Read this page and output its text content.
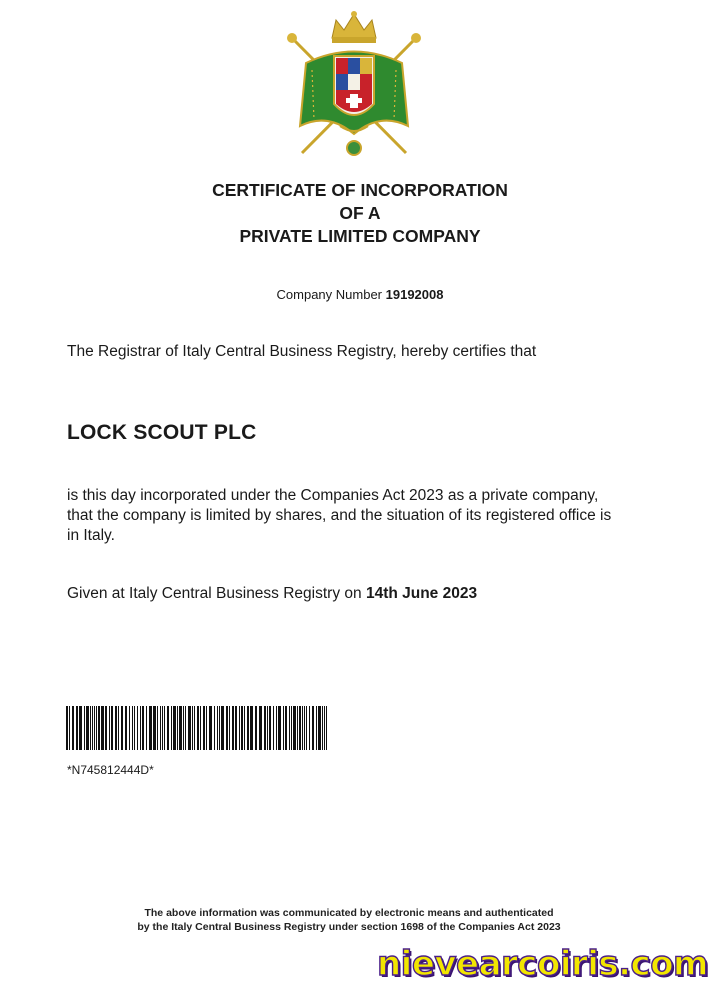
CERTIFICATE OF INCORPORATION
OF A
PRIVATE LIMITED COMPANY
Company Number 19192008
The Registrar of Italy Central Business Registry, hereby certifies that
LOCK SCOUT PLC
is this day incorporated under the Companies Act 2023 as a private company, that the company is limited by shares, and the situation of its registered office is in Italy.
Given at Italy Central Business Registry on 14th June 2023
*N745812444D*
The above information was communicated by electronic means and authenticated
by the Italy Central Business Registry under section 1698 of the Companies Act 2023
nievearcoiris.com
